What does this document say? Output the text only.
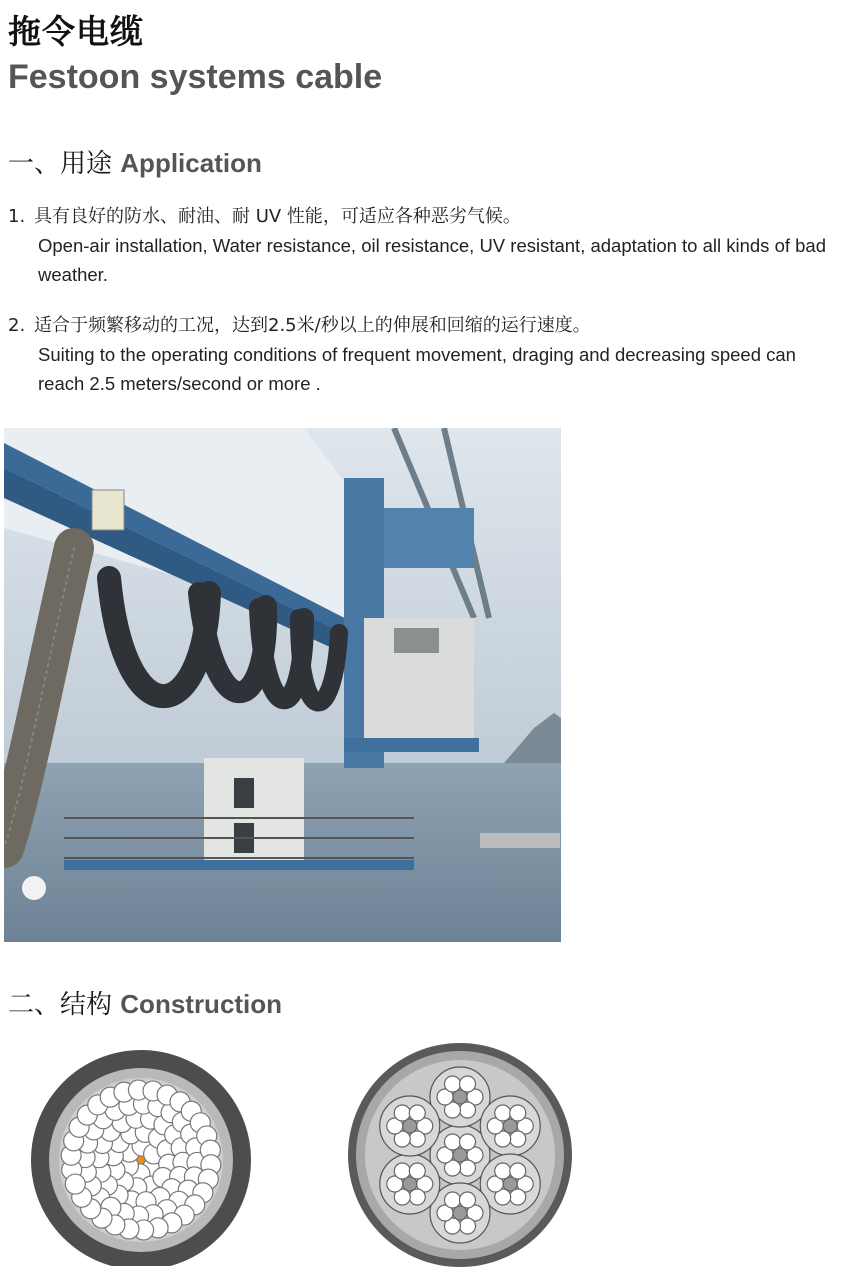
拖令电缆
Festoon systems cable
一、用途 Application
1. 具有良好的防水、耐油、耐 UV 性能，可适应各种恶劣气候。
Open-air installation, Water resistance, oil resistance, UV resistant, adaptation to all kinds of bad weather.
2. 适合于频繁移动的工况，达到2.5米/秒以上的伸展和回缩的运行速度。
Suiting to the operating conditions of frequent movement, draging and decreasing speed can reach 2.5 meters/second or more .
二、结构 Construction
